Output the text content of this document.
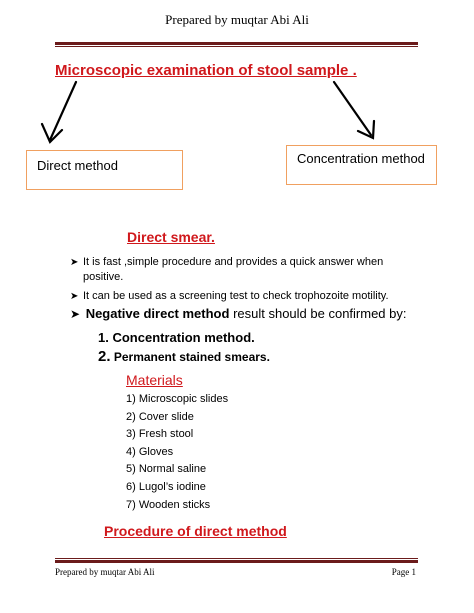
Prepared by muqtar Abi Ali
Microscopic examination of stool sample .
Direct method	Concentration method
Direct smear.
➤ It is fast ,simple procedure and provides a quick answer when positive.
➤ It can be used as a screening test to check trophozoite motility.
➤ Negative direct method result should be confirmed by:
1. Concentration method.
2. Permanent stained smears.
Materials
1) Microscopic slides
2) Cover slide
3) Fresh stool
4) Gloves
5) Normal saline
6) Lugol’s iodine
7) Wooden sticks
Procedure of direct method
Prepared by muqtar Abi Ali	Page 1
